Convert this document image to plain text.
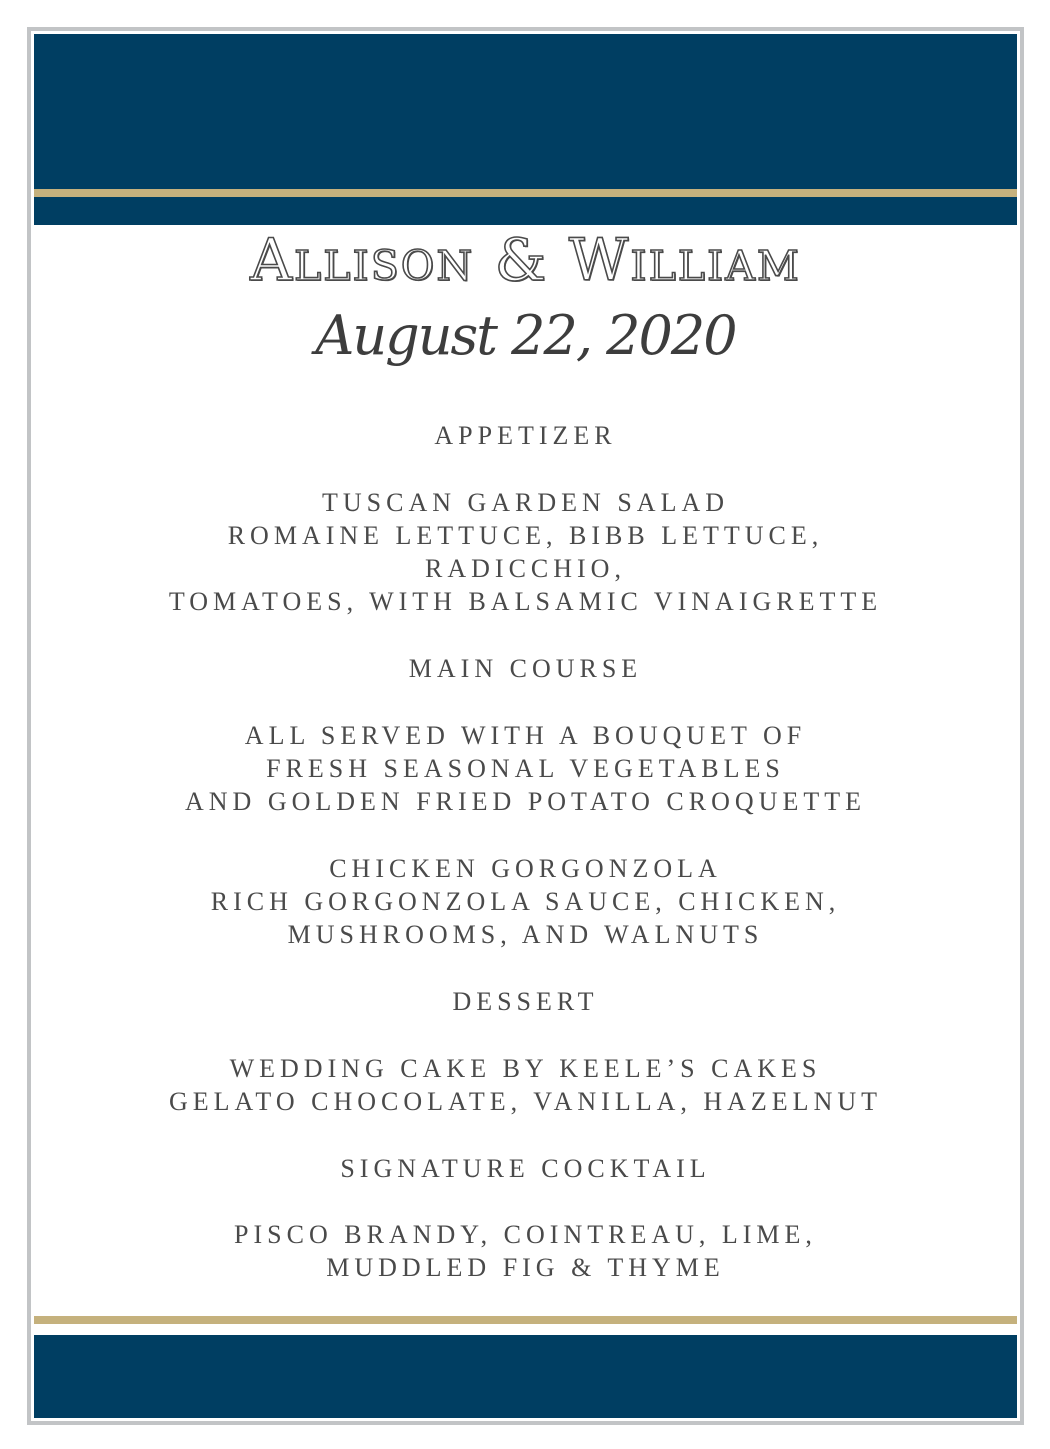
Allison & William
August 22, 2020
APPETIZER
TUSCAN GARDEN SALAD
ROMAINE LETTUCE, BIBB LETTUCE,
RADICCHIO,
TOMATOES, WITH BALSAMIC VINAIGRETTE
MAIN COURSE
ALL SERVED WITH A BOUQUET OF
FRESH SEASONAL VEGETABLES
AND GOLDEN FRIED POTATO CROQUETTE
CHICKEN GORGONZOLA
RICH GORGONZOLA SAUCE, CHICKEN,
MUSHROOMS, AND WALNUTS
DESSERT
WEDDING CAKE BY KEELE’S CAKES
GELATO CHOCOLATE, VANILLA, HAZELNUT
SIGNATURE COCKTAIL
PISCO BRANDY, COINTREAU, LIME,
MUDDLED FIG & THYME
